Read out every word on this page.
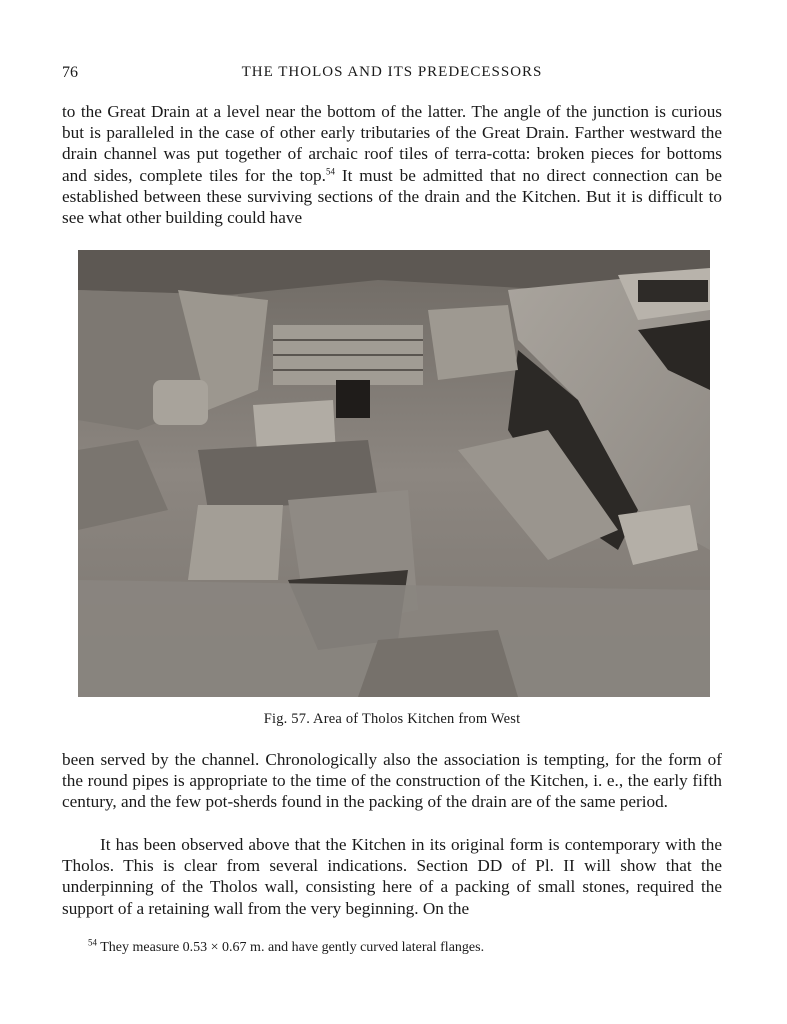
76	THE THOLOS AND ITS PREDECESSORS

to the Great Drain at a level near the bottom of the latter. The angle of the junction is curious but is paralleled in the case of other early tributaries of the Great Drain. Farther westward the drain channel was put together of archaic roof tiles of terra-cotta: broken pieces for bottoms and sides, complete tiles for the top.$^{54}$ It must be admitted that no direct connection can be established between these surviving sections of the drain and the Kitchen. But it is difficult to see what other building could have

Fig. 57. Area of Tholos Kitchen from West

been served by the channel. Chronologically also the association is tempting, for the form of the round pipes is appropriate to the time of the construction of the Kitchen, i. e., the early fifth century, and the few pot-sherds found in the packing of the drain are of the same period.

It has been observed above that the Kitchen in its original form is contemporary with the Tholos. This is clear from several indications. Section DD of Pl. II will show that the underpinning of the Tholos wall, consisting here of a packing of small stones, required the support of a retaining wall from the very beginning. On the

$^{54}$ They measure 0.53 × 0.67 m. and have gently curved lateral flanges.
